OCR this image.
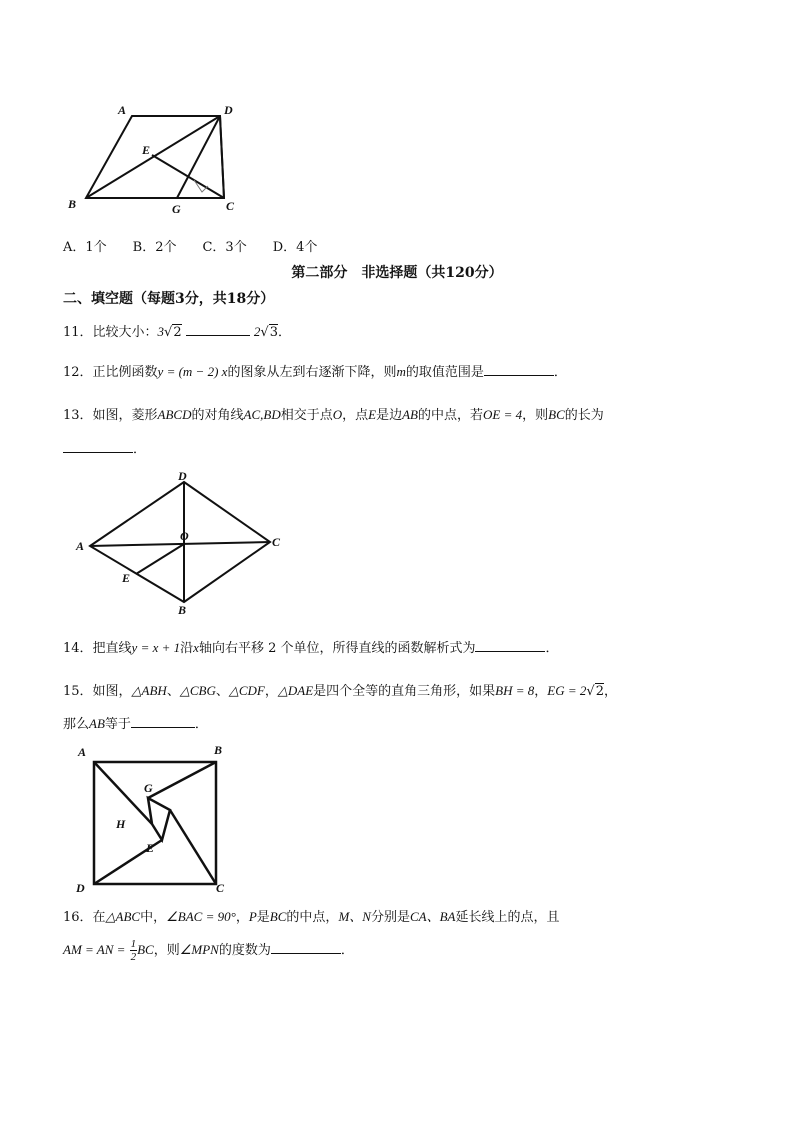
A	D
E
B	G	C
A．1个　　B．2个　　C．3个　　D．4个
第二部分　非选择题（共120分）
二、填空题（每题3分，共18分）
11．比较大小：3√2	2√3．
12．正比例函数y = (m − 2) x的图象从左到右逐渐下降，则m的取值范围是	．
13．如图，菱形ABCD的对角线AC,BD相交于点O，点E是边AB的中点，若OE = 4，则BC的长为
．
D
A
O	C
E
B
14．把直线y = x + 1沿x轴向右平移 2 个单位，所得直线的函数解析式为	．
15．如图，△ABH、△CBG、△CDF，△DAE是四个全等的直角三角形，如果BH = 8，EG = 2√2，
那么AB等于	．
A	B
G
H
E
D	C
16．在△ABC中，∠BAC = 90°，P是BC的中点，M、N分别是CA、BA延长线上的点，且
AM = AN = $\frac{1}{2}$ BC，则∠MPN的度数为	．
